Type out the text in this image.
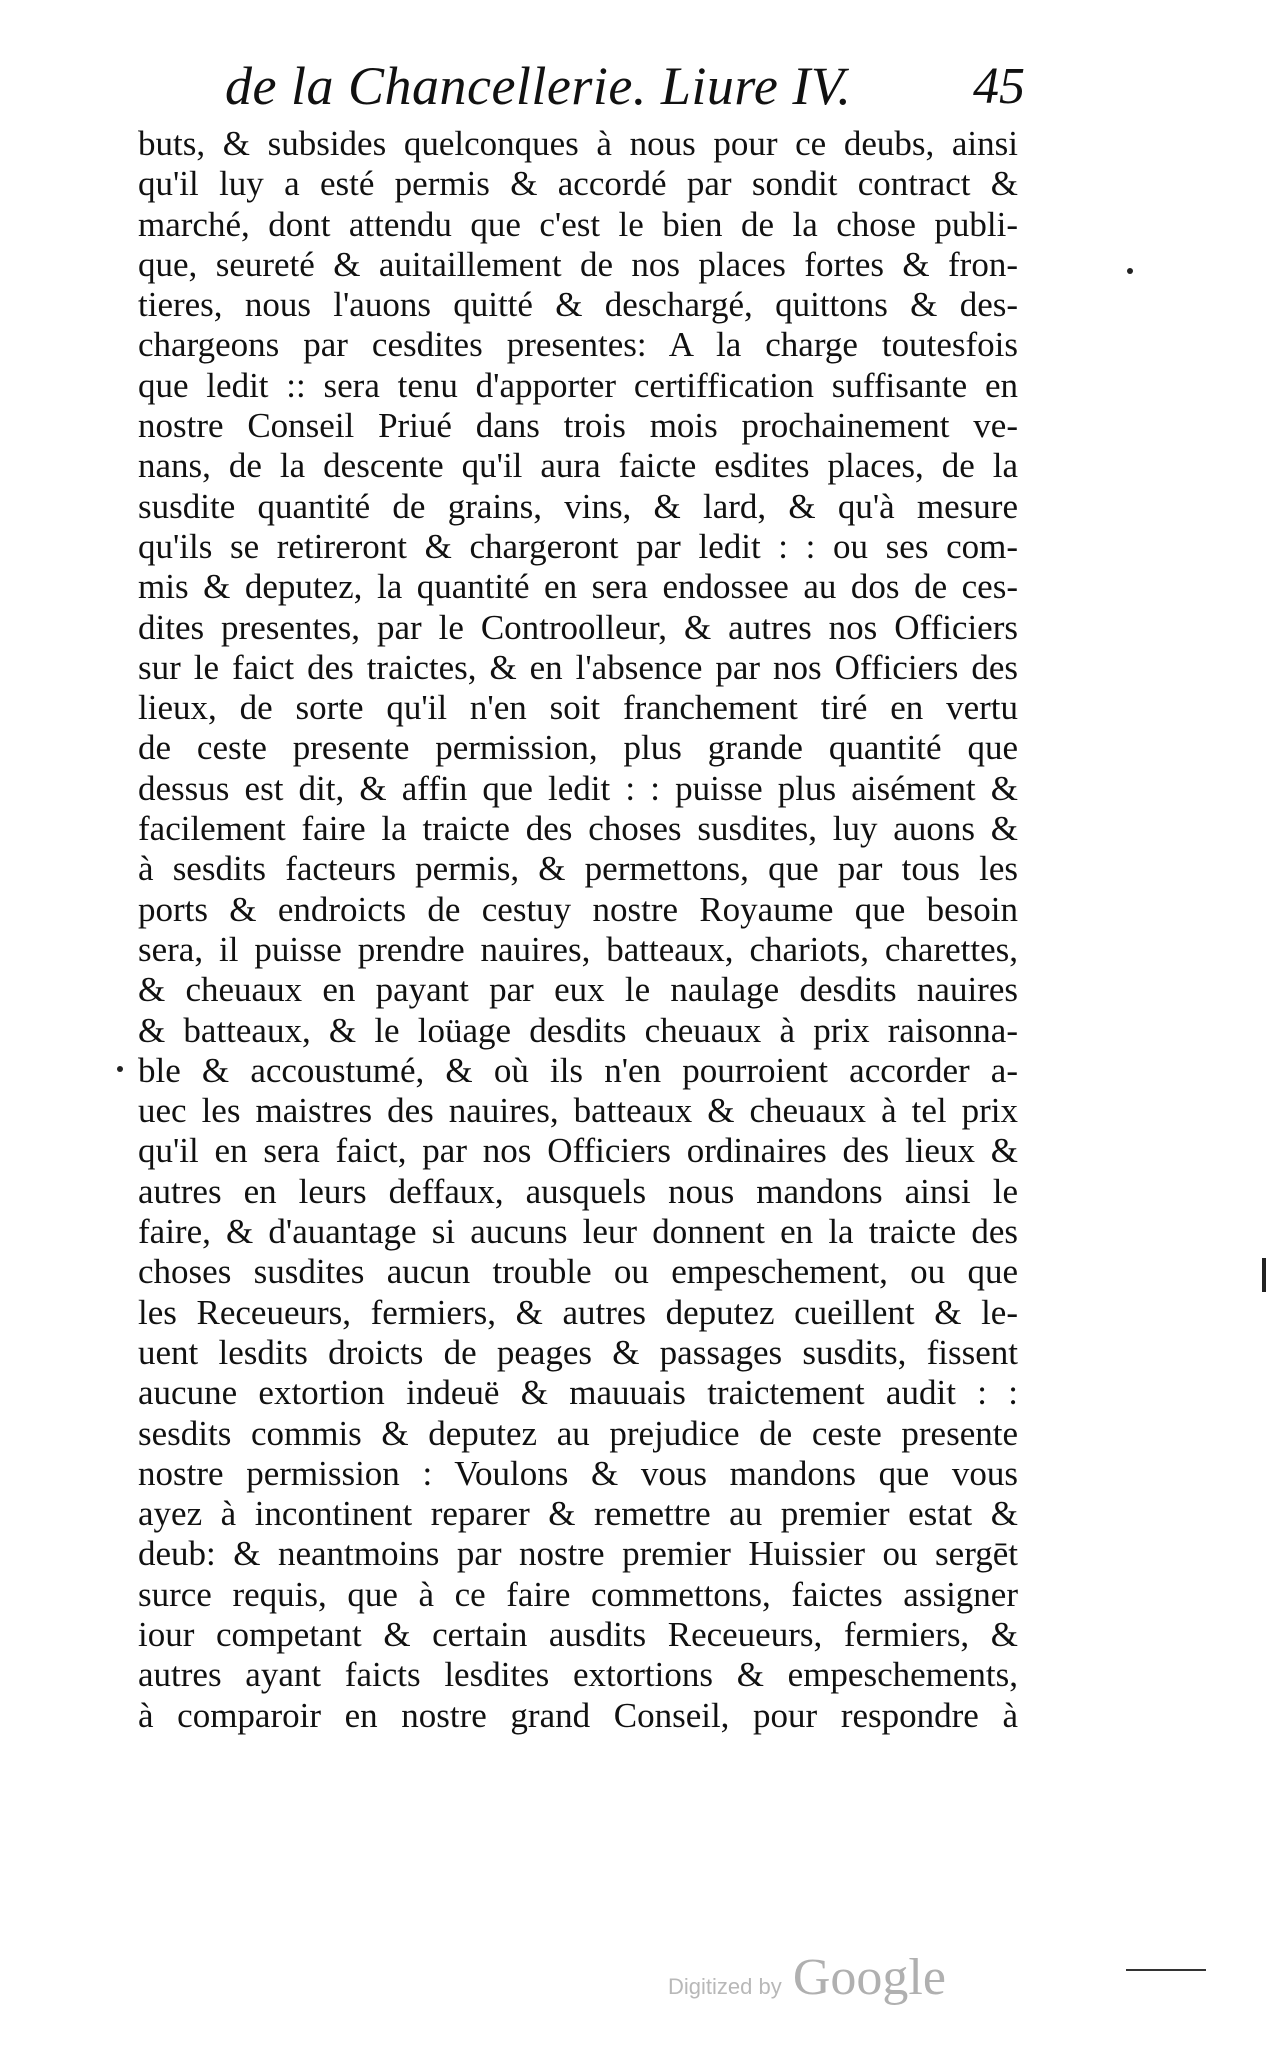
de la Chancellerie. Liure IV. 45
buts, & subsides quelconques à nous pour ce deubs, ainsi
qu'il luy a esté permis & accordé par sondit contract &
marché, dont attendu que c'est le bien de la chose publi-
que, seureté & auitaillement de nos places fortes & fron-
tieres, nous l'auons quitté & deschargé, quittons & des-
chargeons par cesdites presentes: A la charge toutesfois
que ledit :: sera tenu d'apporter certiffication suffisante en
nostre Conseil Priué dans trois mois prochainement ve-
nans, de la descente qu'il aura faicte esdites places, de la
susdite quantité de grains, vins, & lard, & qu'à mesure
qu'ils se retireront & chargeront par ledit : : ou ses com-
mis & deputez, la quantité en sera endossee au dos de ces-
dites presentes, par le Controolleur, & autres nos Officiers
sur le faict des traictes, & en l'absence par nos Officiers des
lieux, de sorte qu'il n'en soit franchement tiré en vertu
de ceste presente permission, plus grande quantité que
dessus est dit, & affin que ledit : : puisse plus aisément &
facilement faire la traicte des choses susdites, luy auons &
à sesdits facteurs permis, & permettons, que par tous les
ports & endroicts de cestuy nostre Royaume que besoin
sera, il puisse prendre nauires, batteaux, chariots, charettes,
& cheuaux en payant par eux le naulage desdits nauires
& batteaux, & le loüage desdits cheuaux à prix raisonna-
ble & accoustumé, & où ils n'en pourroient accorder a-
uec les maistres des nauires, batteaux & cheuaux à tel prix
qu'il en sera faict, par nos Officiers ordinaires des lieux &
autres en leurs deffaux, ausquels nous mandons ainsi le
faire, & d'auantage si aucuns leur donnent en la traicte des
choses susdites aucun trouble ou empeschement, ou que
les Receueurs, fermiers, & autres deputez cueillent & le-
uent lesdits droicts de peages & passages susdits, fissent
aucune extortion indeuë & mauuais traictement audit : :
sesdits commis & deputez au prejudice de ceste presente
nostre permission : Voulons & vous mandons que vous
ayez à incontinent reparer & remettre au premier estat &
deub: & neantmoins par nostre premier Huissier ou sergēt
surce requis, que à ce faire commettons, faictes assigner
iour competant & certain ausdits Receueurs, fermiers, &
autres ayant faicts lesdites extortions & empeschements,
à comparoir en nostre grand Conseil, pour respondre à
Digitized by Google
